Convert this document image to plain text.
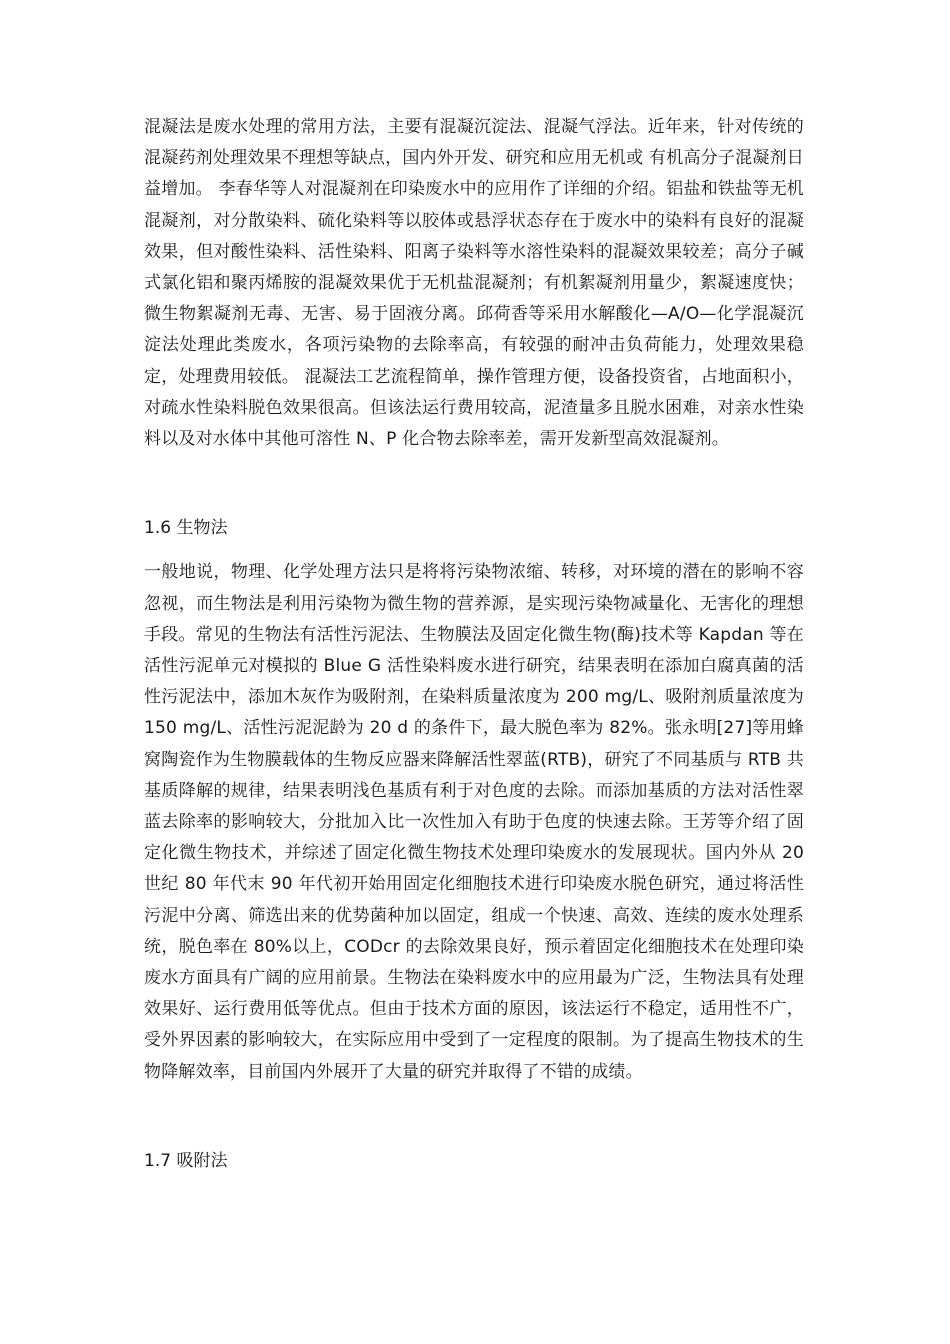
混凝法是废水处理的常用方法，主要有混凝沉淀法、混凝气浮法。近年来，针对传统的混凝药剂处理效果不理想等缺点，国内外开发、研究和应用无机或 有机高分子混凝剂日益增加。 李春华等人对混凝剂在印染废水中的应用作了详细的介绍。铝盐和铁盐等无机混凝剂，对分散染料、硫化染料等以胶体或悬浮状态存在于废水中的染料有良好的混凝效果，但对酸性染料、活性染料、阳离子染料等水溶性染料的混凝效果较差；高分子碱式氯化铝和聚丙烯胺的混凝效果优于无机盐混凝剂；有机絮凝剂用量少，絮凝速度快；微生物絮凝剂无毒、无害、易于固液分离。邱荷香等采用水解酸化—A/O—化学混凝沉淀法处理此类废水，各项污染物的去除率高，有较强的耐冲击负荷能力，处理效果稳定，处理费用较低。 混凝法工艺流程简单，操作管理方便，设备投资省，占地面积小，对疏水性染料脱色效果很高。但该法运行费用较高，泥渣量多且脱水困难，对亲水性染料以及对水体中其他可溶性 N、P 化合物去除率差，需开发新型高效混凝剂。

1.6 生物法

一般地说，物理、化学处理方法只是将将污染物浓缩、转移，对环境的潜在的影响不容忽视，而生物法是利用污染物为微生物的营养源，是实现污染物减量化、无害化的理想手段。常见的生物法有活性污泥法、生物膜法及固定化微生物(酶)技术等 Kapdan 等在活性污泥单元对模拟的 Blue G 活性染料废水进行研究，结果表明在添加白腐真菌的活性污泥法中，添加木灰作为吸附剂，在染料质量浓度为 200 mg/L、吸附剂质量浓度为 150 mg/L、活性污泥泥龄为 20 d 的条件下，最大脱色率为 82%。张永明[27]等用蜂窝陶瓷作为生物膜载体的生物反应器来降解活性翠蓝(RTB)，研究了不同基质与 RTB 共基质降解的规律，结果表明浅色基质有利于对色度的去除。而添加基质的方法对活性翠蓝去除率的影响较大，分批加入比一次性加入有助于色度的快速去除。王芳等介绍了固定化微生物技术，并综述了固定化微生物技术处理印染废水的发展现状。国内外从 20 世纪 80 年代末 90 年代初开始用固定化细胞技术进行印染废水脱色研究，通过将活性污泥中分离、筛选出来的优势菌种加以固定，组成一个快速、高效、连续的废水处理系统，脱色率在 80%以上，CODcr 的去除效果良好，预示着固定化细胞技术在处理印染废水方面具有广阔的应用前景。生物法在染料废水中的应用最为广泛，生物法具有处理效果好、运行费用低等优点。但由于技术方面的原因，该法运行不稳定，适用性不广，受外界因素的影响较大，在实际应用中受到了一定程度的限制。为了提高生物技术的生物降解效率，目前国内外展开了大量的研究并取得了不错的成绩。

1.7 吸附法
